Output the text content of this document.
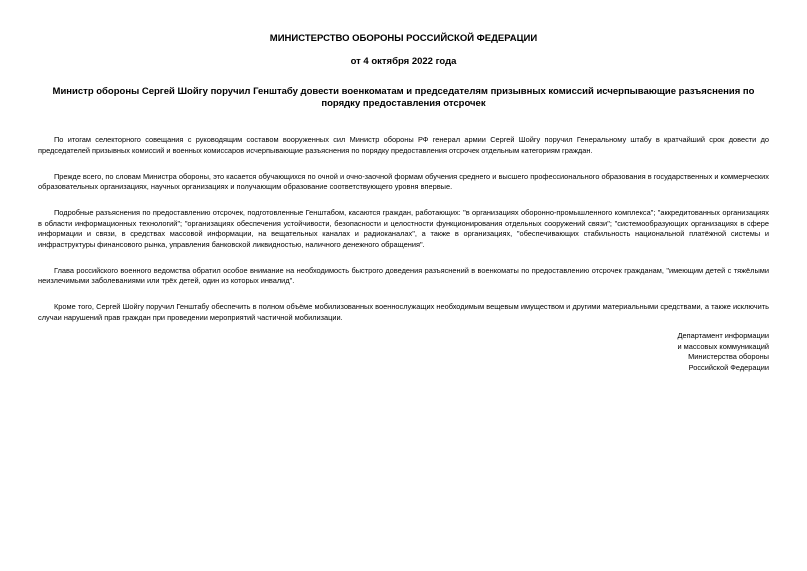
МИНИСТЕРСТВО ОБОРОНЫ РОССИЙСКОЙ ФЕДЕРАЦИИ
от 4 октября 2022 года
Министр обороны Сергей Шойгу поручил Генштабу довести военкоматам и председателям призывных комиссий исчерпывающие разъяснения по порядку предоставления отсрочек

По итогам селекторного совещания с руководящим составом вооруженных сил Министр обороны РФ генерал армии Сергей Шойгу поручил Генеральному штабу в кратчайший срок довести до председателей призывных комиссий и военных комиссаров исчерпывающие разъяснения по порядку предоставления отсрочек отдельным категориям граждан.

Прежде всего, по словам Министра обороны, это касается обучающихся по очной и очно-заочной формам обучения среднего и высшего профессионального образования в государственных и коммерческих образовательных организациях, научных организациях и получающим образование соответствующего уровня впервые.

Подробные разъяснения по предоставлению отсрочек, подготовленные Генштабом, касаются граждан, работающих: "в организациях оборонно-промышленного комплекса"; "аккредитованных организациях в области информационных технологий"; "организациях обеспечения устойчивости, безопасности и целостности функционирования отдельных сооружений связи"; "системообразующих организациях в сфере информации и связи, в средствах массовой информации, на вещательных каналах и радиоканалах", а также в организациях, "обеспечивающих стабильность национальной платёжной системы и инфраструктуры финансового рынка, управления банковской ликвидностью, наличного денежного обращения".

Глава российского военного ведомства обратил особое внимание на необходимость быстрого доведения разъяснений в военкоматы по предоставлению отсрочек гражданам, "имеющим детей с тяжёлыми неизлечимыми заболеваниями или трёх детей, один из которых инвалид".

Кроме того, Сергей Шойгу поручил Генштабу обеспечить в полном объёме мобилизованных военнослужащих необходимым вещевым имуществом и другими материальными средствами, а также исключить случаи нарушений прав граждан при проведении мероприятий частичной мобилизации.

Департамент информации
и массовых коммуникаций
Министерства обороны
Российской Федерации
